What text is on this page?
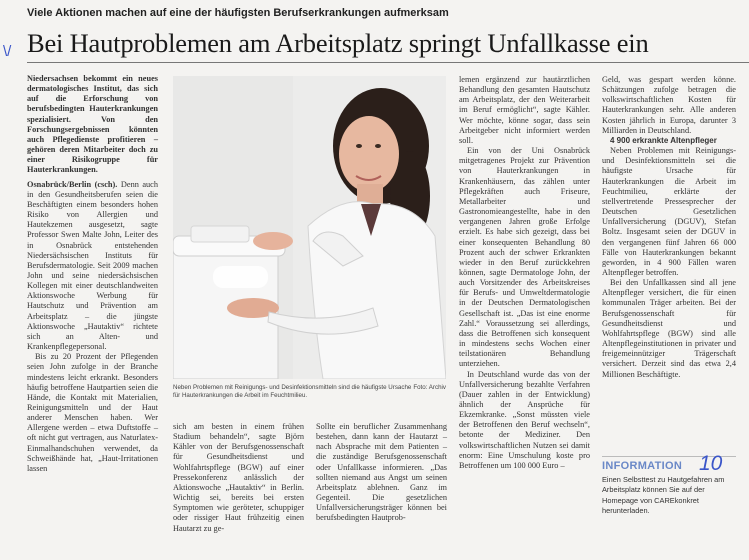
Viele Aktionen machen auf eine der häufigsten Berufserkrankungen aufmerksam
Bei Hautproblemen am Arbeitsplatz springt Unfallkasse ein
\/

Niedersachsen bekommt ein neues dermatologisches Institut, das sich auf die Erforschung von berufsbedingten Hauterkrankungen spezialisiert. Von den Forschungsergebnissen könnten auch Pflegedienste profitieren – gehören deren Mitarbeiter doch zu einer Risikogruppe für Hauterkrankungen.

Osnabrück/Berlin (csch). Denn auch in den Gesundheitsberufen seien die Beschäftigten einem besonders hohen Risiko von Allergien und Hautekzemen ausgesetzt, sagte Professor Swen Malte John, Leiter des in Osnabrück entstehenden Niedersächsischen Instituts für Berufsdermatologie. Seit 2009 machen John und seine niedersächsischen Kollegen mit einer deutschlandweiten Aktionswoche Werbung für Hautschutz und Prävention am Arbeitsplatz – die jüngste Aktionswoche „Hautaktiv“ richtete sich an Alten- und Krankenpflegepersonal.

Bis zu 20 Prozent der Pflegenden seien John zufolge in der Branche mindestens leicht erkrankt. Besonders häufig betroffene Hautpartien seien die Hände, die Kontakt mit Materialien, Reinigungsmitteln und der Haut anderer Menschen haben. Wer Allergene werden – etwa Duftstoffe – oft nicht gut vertragen, aus Naturlatex-Einmalhandschuhen verwendet, da Schweißhände hat, „Haut-Irritationen lassen

Foto: Archiv
Neben Problemen mit Reinigungs- und Desinfektionsmitteln sind die häufigste Ursache für Hauterkrankungen die Arbeit im Feuchtmilieu.

sich am besten in einem frühen Stadium behandeln“, sagte Björn Kähler von der Berufsgenossenschaft für Gesundheitsdienst und Wohlfahrtspflege (BGW) auf einer Pressekonferenz anlässlich der Aktionswoche „Hautaktiv“ in Berlin. Wichtig sei, bereits bei ersten Symptomen wie geröteter, schuppiger oder rissiger Haut frühzeitig einen Hautarzt zu ge-

Sollte ein beruflicher Zusammenhang bestehen, dann kann der Hautarzt – nach Absprache mit dem Patienten – die zuständige Berufsgenossenschaft oder Unfallkasse informieren. „Das sollten niemand aus Angst um seinen Arbeitsplatz ablehnen. Ganz im Gegenteil. Die gesetzlichen Unfallversicherungsträger können bei berufsbedingten Hautprob-

lemen ergänzend zur hautärztlichen Behandlung den gesamten Hautschutz am Arbeitsplatz, der den Weiterarbeit im Beruf ermöglicht“, sagte Kähler. Wer möchte, könne sogar, dass sein Arbeitgeber nicht informiert werden soll.

Ein von der Uni Osnabrück mitgetragenes Projekt zur Prävention von Hauterkrankungen in Krankenhäusern, das zählen unter Pflegekräften auch Friseure, Metallarbeiter und Gastronomieangestellte, habe in den vergangenen Jahren große Erfolge erzielt. Es habe sich gezeigt, dass bei einer konsequenten Behandlung 80 Prozent auch der schwer Erkrankten wieder in den Beruf zurückkehren können, sagte Dermatologe John, der auch Vorsitzender des Arbeitskreises für Berufs- und Umweltdermatologie in der Deutschen Dermatologischen Gesellschaft ist. „Das ist eine enorme Zahl.“ Voraussetzung sei allerdings, dass die Betroffenen sich konsequent in mindestens sechs Wochen einer teilstationären Behandlung unterziehen.

In Deutschland wurde das von der Unfallversicherung bezahlte Verfahren (Dauer zahlen in der Entwicklung) ähnlich der Ansprüche für Ekzemkranke. „Sonst müssten viele der Betroffenen den Beruf wechseln“, betonte der Mediziner. Den volkswirtschaftlichen Nutzen sei damit enorm: Eine Umschulung koste pro Betroffenen um 100 000 Euro –

Geld, was gespart werden könne. Schätzungen zufolge betragen die volkswirtschaftlichen Kosten für Hauterkrankungen sehr. Alle anderen Kosten jährlich in Europa, darunter 3 Milliarden in Deutschland.

4 900 erkrankte Altenpfleger

Neben Problemen mit Reinigungs- und Desinfektionsmitteln sei die häufigste Ursache für Hauterkrankungen die Arbeit im Feuchtmilieu, erklärte der stellvertretende Pressesprecher der Deutschen Gesetzlichen Unfallversicherung (DGUV), Stefan Boltz. Insgesamt seien der DGUV in den vergangenen fünf Jahren 66 000 Fälle von Hauterkrankungen bekannt geworden, in 4 900 Fällen waren Altenpfleger betroffen.

Bei den Unfallkassen sind all jene Altenpfleger versichert, die für einen kommunalen Träger arbeiten. Bei der Berufsgenossenschaft für Gesundheitsdienst und Wohlfahrtspflege (BGW) sind alle Altenpflegeinstitutionen in privater und freigemeinnütziger Trägerschaft versichert. Derzeit sind das etwa 2,4 Millionen Beschäftigte.

INFORMATION
Einen Selbsttest zu Hautgefahren am Arbeitsplatz können Sie auf der Homepage von CAREkonkret herunterladen.
10
